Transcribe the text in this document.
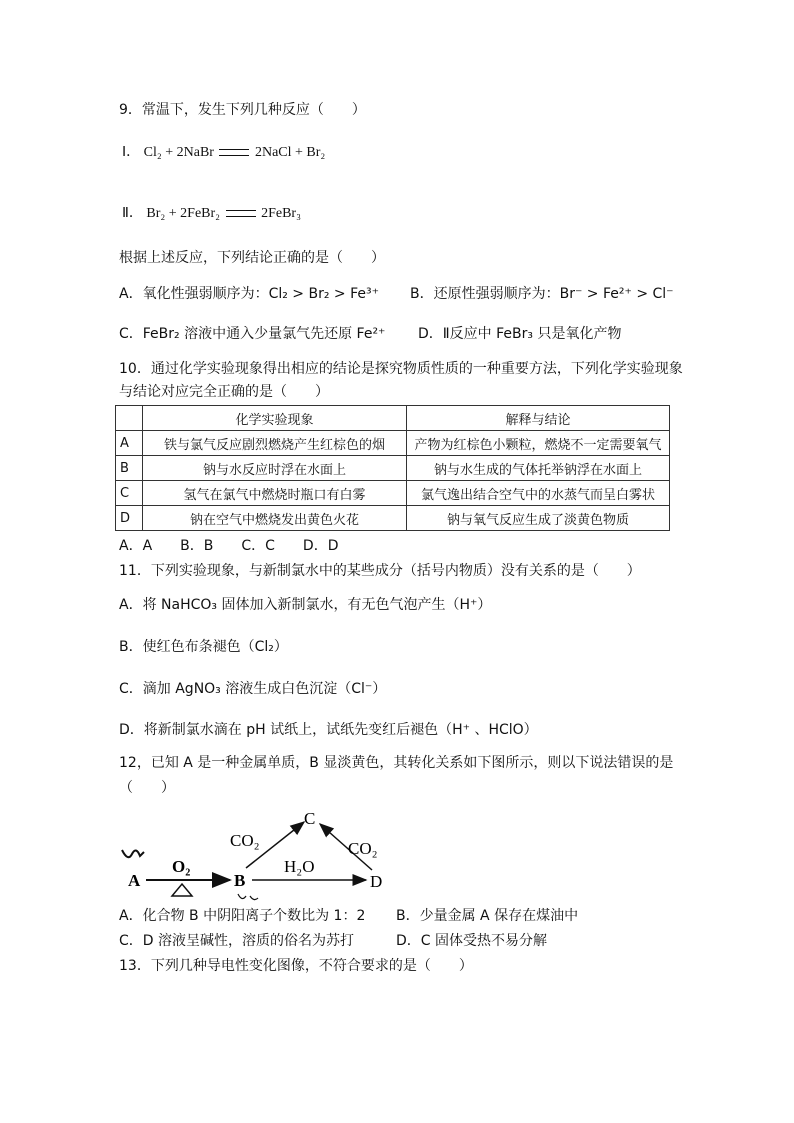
9．常温下，发生下列几种反应（　　）
Ⅰ． Cl₂ + 2NaBr	2NaCl + Br₂
Ⅱ． Br₂ + 2FeBr₂	2FeBr₃
根据上述反应，下列结论正确的是（　　）
A．氧化性强弱顺序为：Cl₂ > Br₂ > Fe³⁺ B．还原性强弱顺序为：Br⁻ > Fe²⁺ > Cl⁻
C．FeBr₂ 溶液中通入少量氯气先还原 Fe²⁺ D．Ⅱ反应中 FeBr₃ 只是氧化产物
10．通过化学实验现象得出相应的结论是探究物质性质的一种重要方法，下列化学实验现象
与结论对应完全正确的是（　　）
	化学实验现象	解释与结论
A	铁与氯气反应剧烈燃烧产生红棕色的烟	产物为红棕色小颗粒，燃烧不一定需要氧气
B	钠与水反应时浮在水面上	钠与水生成的气体托举钠浮在水面上
C	氢气在氯气中燃烧时瓶口有白雾	氯气逸出结合空气中的水蒸气而呈白雾状
D	钠在空气中燃烧发出黄色火花	钠与氧气反应生成了淡黄色物质
A．A　　B．B　　C．C　　D．D
11．下列实验现象，与新制氯水中的某些成分（括号内物质）没有关系的是（　　）
A．将 NaHCO₃ 固体加入新制氯水，有无色气泡产生（H⁺）
B．使红色布条褪色（Cl₂）
C．滴加 AgNO₃ 溶液生成白色沉淀（Cl⁻）
D．将新制氯水滴在 pH 试纸上，试纸先变红后褪色（H⁺ 、HClO）
12，已知 A 是一种金属单质，B 显淡黄色，其转化关系如下图所示，则以下说法错误的是
（　　）
A
O₂
B
CO₂
C
CO₂
H₂O
D
A．化合物 B 中阴阳离子个数比为 1：2 B．少量金属 A 保存在煤油中
C．D 溶液呈碱性，溶质的俗名为苏打	D．C 固体受热不易分解
13．下列几种导电性变化图像，不符合要求的是（　　）
